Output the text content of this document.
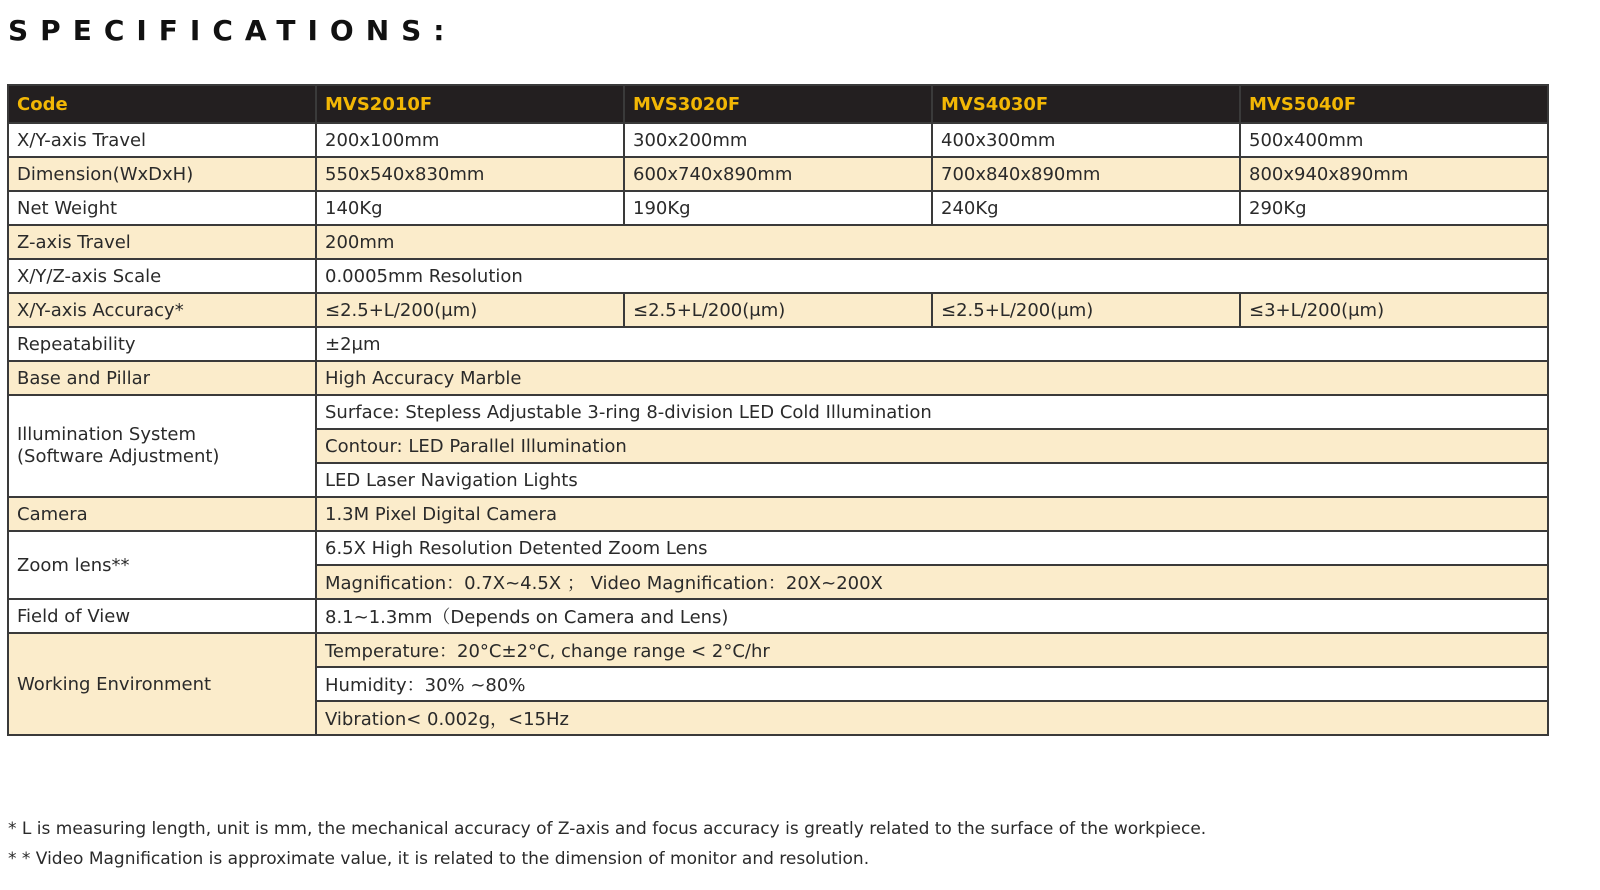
SPECIFICATIONS:
Code	MVS2010F	MVS3020F	MVS4030F	MVS5040F
X/Y-axis Travel	200x100mm	300x200mm	400x300mm	500x400mm
Dimension(WxDxH)	550x540x830mm	600x740x890mm	700x840x890mm	800x940x890mm
Net Weight	140Kg	190Kg	240Kg	290Kg
Z-axis Travel	200mm			
X/Y/Z-axis Scale	0.0005mm Resolution			
X/Y-axis Accuracy*	≤2.5+L/200(μm)	≤2.5+L/200(μm)	≤2.5+L/200(μm)	≤3+L/200(μm)
Repeatability	±2μm			
Base and Pillar	High Accuracy Marble			

Illumination System
(Software Adjustment)	Surface: Stepless Adjustable 3-ring 8-division LED Cold Illumination			
	Contour: LED Parallel Illumination			
	LED Laser Navigation Lights			
Camera	1.3M Pixel Digital Camera			
Zoom lens**	6.5X High Resolution Detented Zoom Lens			
	Magnification：0.7X~4.5X ； Video Magnification：20X~200X			
Field of View	8.1~1.3mm（Depends on Camera and Lens)			
Working Environment	Temperature：20°C±2°C, change range < 2°C/hr			
	Humidity：30% ~80%			
	Vibration< 0.002g，<15Hz			
* L is measuring length, unit is mm, the mechanical accuracy of Z-axis and focus accuracy is greatly related to the surface of the workpiece.
* * Video Magnification is approximate value, it is related to the dimension of monitor and resolution.
